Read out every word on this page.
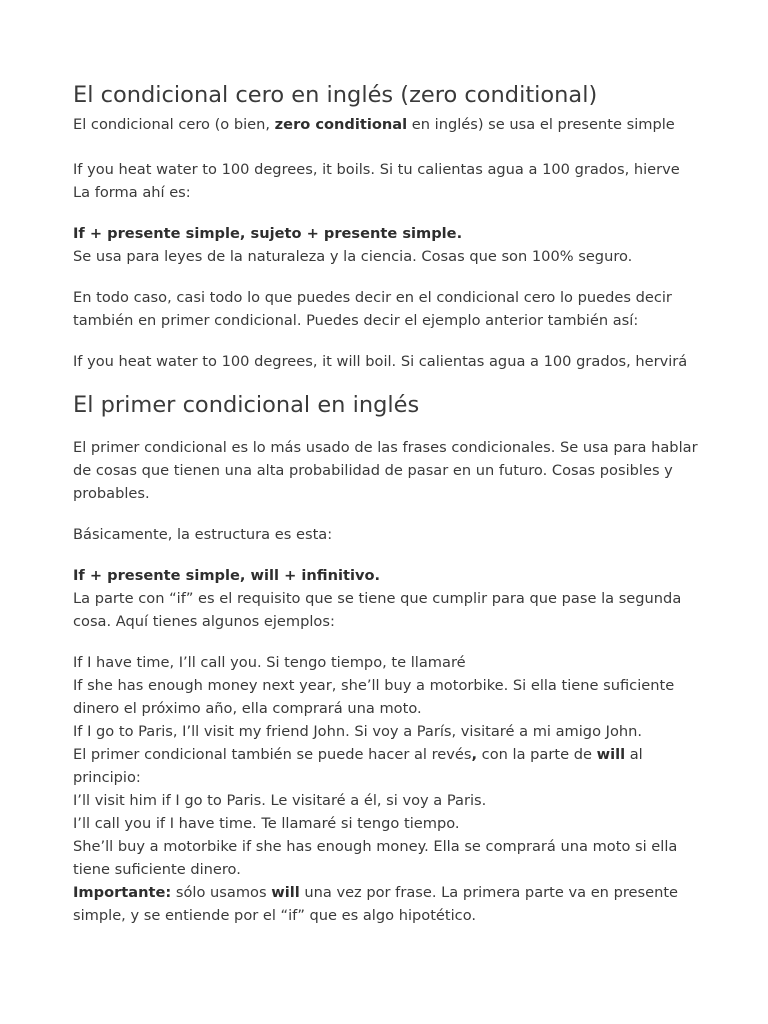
El condicional cero en inglés (zero conditional)

El condicional cero (o bien, zero conditional en inglés) se usa el presente simple

If you heat water to 100 degrees, it boils. Si tu calientas agua a 100 grados, hierve
La forma ahí es:

If + presente simple, sujeto + presente simple.
Se usa para leyes de la naturaleza y la ciencia. Cosas que son 100% seguro.

En todo caso, casi todo lo que puedes decir en el condicional cero lo puedes decir también en primer condicional. Puedes decir el ejemplo anterior también así:

If you heat water to 100 degrees, it will boil. Si calientas agua a 100 grados, hervirá

El primer condicional en inglés

El primer condicional es lo más usado de las frases condicionales. Se usa para hablar de cosas que tienen una alta probabilidad de pasar en un futuro. Cosas posibles y probables.

Básicamente, la estructura es esta:

If + presente simple, will + infinitivo.
La parte con “if” es el requisito que se tiene que cumplir para que pase la segunda cosa. Aquí tienes algunos ejemplos:

If I have time, I’ll call you. Si tengo tiempo, te llamaré
If she has enough money next year, she’ll buy a motorbike. Si ella tiene suficiente dinero el próximo año, ella comprará una moto.
If I go to Paris, I’ll visit my friend John. Si voy a París, visitaré a mi amigo John.
El primer condicional también se puede hacer al revés, con la parte de will al principio:
I’ll visit him if I go to Paris. Le visitaré a él, si voy a Paris.
I’ll call you if I have time. Te llamaré si tengo tiempo.
She’ll buy a motorbike if she has enough money. Ella se comprará una moto si ella tiene suficiente dinero.
Importante: sólo usamos will una vez por frase. La primera parte va en presente simple, y se entiende por el “if” que es algo hipotético.
